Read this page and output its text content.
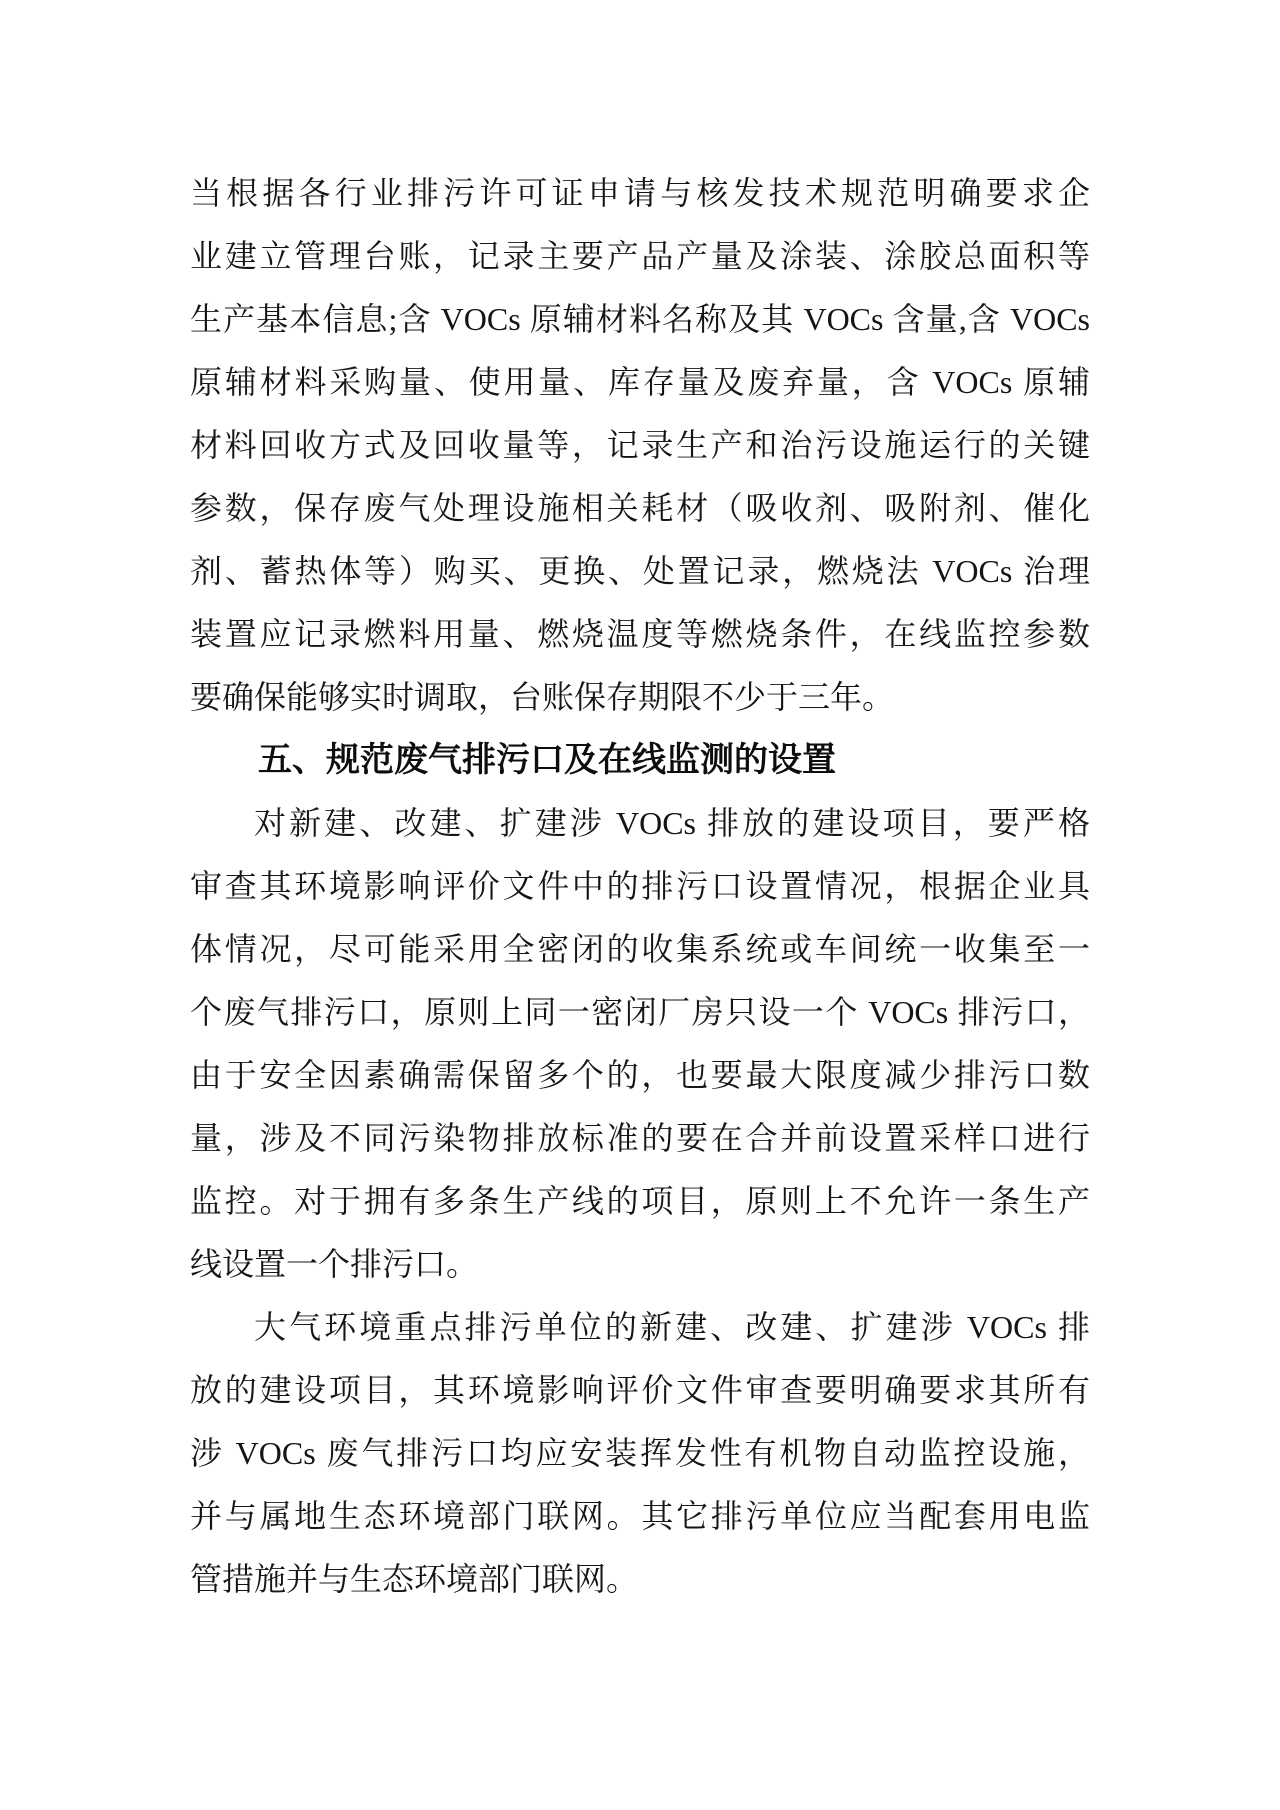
当根据各行业排污许可证申请与核发技术规范明确要求企
业建立管理台账，记录主要产品产量及涂装、涂胶总面积等
生产基本信息;含 VOCs 原辅材料名称及其 VOCs 含量,含 VOCs
原辅材料采购量、使用量、库存量及废弃量，含 VOCs 原辅
材料回收方式及回收量等，记录生产和治污设施运行的关键
参数，保存废气处理设施相关耗材（吸收剂、吸附剂、催化
剂、蓄热体等）购买、更换、处置记录，燃烧法 VOCs 治理
装置应记录燃料用量、燃烧温度等燃烧条件，在线监控参数
要确保能够实时调取，台账保存期限不少于三年。
五、规范废气排污口及在线监测的设置
对新建、改建、扩建涉 VOCs 排放的建设项目，要严格
审查其环境影响评价文件中的排污口设置情况，根据企业具
体情况，尽可能采用全密闭的收集系统或车间统一收集至一
个废气排污口，原则上同一密闭厂房只设一个 VOCs 排污口，
由于安全因素确需保留多个的，也要最大限度减少排污口数
量，涉及不同污染物排放标准的要在合并前设置采样口进行
监控。对于拥有多条生产线的项目，原则上不允许一条生产
线设置一个排污口。
大气环境重点排污单位的新建、改建、扩建涉 VOCs 排
放的建设项目，其环境影响评价文件审查要明确要求其所有
涉 VOCs 废气排污口均应安装挥发性有机物自动监控设施，
并与属地生态环境部门联网。其它排污单位应当配套用电监
管措施并与生态环境部门联网。
